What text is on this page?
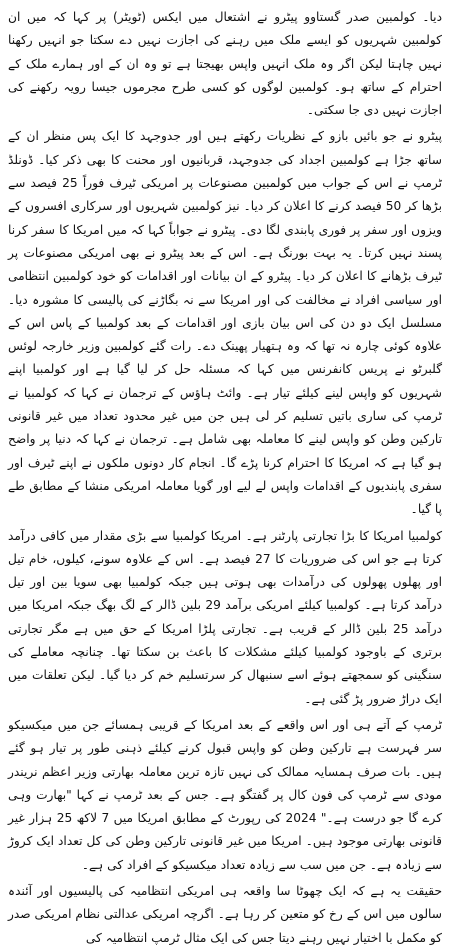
دیا۔ کولمبین صدر گستاوو پیٹرو نے اشتعال میں ایکس (ٹویٹر) پر کہا کہ میں ان کولمبین شہریوں کو ایسے ملک میں رہنے کی اجازت نہیں دے سکتا جو انہیں رکھنا نہیں چاہتا لیکن اگر وہ ملک انہیں واپس بھیجتا ہے تو وہ ان کے اور ہمارے ملک کے احترام کے ساتھ ہو۔ کولمبین لوگوں کو کسی طرح مجرموں جیسا رویہ رکھنے کی اجازت نہیں دی جا سکتی۔

پیٹرو نے جو بائیں بازو کے نظریات رکھتے ہیں اور جدوجہد کا ایک پس منظر ان کے ساتھ جڑا ہے کولمبین اجداد کی جدوجہد، قربانیوں اور محنت کا بھی ذکر کیا۔ ڈونلڈ ٹرمپ نے اس کے جواب میں کولمبین مصنوعات پر امریکی ٹیرف فوراً 25 فیصد سے بڑھا کر 50 فیصد کرنے کا اعلان کر دیا۔ نیز کولمبین شہریوں اور سرکاری افسروں کے ویزوں اور سفر پر فوری پابندی لگا دی۔ پیٹرو نے جواباً کہا کہ میں امریکا کا سفر کرنا پسند نہیں کرتا۔ یہ بہت بورنگ ہے۔ اس کے بعد پیٹرو نے بھی امریکی مصنوعات پر ٹیرف بڑھانے کا اعلان کر دیا۔ پیٹرو کے ان بیانات اور اقدامات کو خود کولمبین انتظامی اور سیاسی افراد نے مخالفت کی اور امریکا سے نہ بگاڑنے کی پالیسی کا مشورہ دیا۔ مسلسل ایک دو دن کی اس بیان بازی اور اقدامات کے بعد کولمبیا کے پاس اس کے علاوہ کوئی چارہ نہ تھا کہ وہ ہتھیار پھینک دے۔ رات گئے کولمبین وزیر خارجہ لوئس گلبرٹو نے پریس کانفرنس میں کہا کہ مسئلہ حل کر لیا گیا ہے اور کولمبیا اپنے شہریوں کو واپس لینے کیلئے تیار ہے۔ وائٹ ہاؤس کے ترجمان نے کہا کہ کولمبیا نے ٹرمپ کی ساری باتیں تسلیم کر لی ہیں جن میں غیر محدود تعداد میں غیر قانونی تارکین وطن کو واپس لینے کا معاملہ بھی شامل ہے۔ ترجمان نے کہا کہ دنیا پر واضح ہو گیا ہے کہ امریکا کا احترام کرنا پڑے گا۔ انجام کار دونوں ملکوں نے اپنے ٹیرف اور سفری پابندیوں کے اقدامات واپس لے لیے اور گویا معاملہ امریکی منشا کے مطابق طے پا گیا۔

کولمبیا امریکا کا بڑا تجارتی پارٹنر ہے۔ امریکا کولمبیا سے بڑی مقدار میں کافی درآمد کرتا ہے جو اس کی ضروریات کا 27 فیصد ہے۔ اس کے علاوہ سونے، کیلوں، خام تیل اور پھلوں پھولوں کی درآمدات بھی ہوتی ہیں جبکہ کولمبیا بھی سویا بین اور تیل درآمد کرتا ہے۔ کولمبیا کیلئے امریکی برآمد 29 بلین ڈالر کے لگ بھگ جبکہ امریکا میں درآمد 25 بلین ڈالر کے قریب ہے۔ تجارتی پلڑا امریکا کے حق میں ہے مگر تجارتی برتری کے باوجود کولمبیا کیلئے مشکلات کا باعث بن سکتا تھا۔ چنانچہ معاملے کی سنگینی کو سمجھتے ہوئے اسے سنبھال کر سرتسلیم خم کر دیا گیا۔ لیکن تعلقات میں ایک دراڑ ضرور پڑ گئی ہے۔

ٹرمپ کے آتے ہی اور اس واقعے کے بعد امریکا کے قریبی ہمسائے جن میں میکسیکو سر فہرست ہے تارکین وطن کو واپس قبول کرنے کیلئے ذہنی طور پر تیار ہو گئے ہیں۔ بات صرف ہمسایہ ممالک کی نہیں تازہ ترین معاملہ بھارتی وزیر اعظم نریندر مودی سے ٹرمپ کی فون کال پر گفتگو ہے۔ جس کے بعد ٹرمپ نے کہا "بھارت وہی کرے گا جو درست ہے۔" 2024 کی رپورٹ کے مطابق امریکا میں 7 لاکھ 25 ہزار غیر قانونی بھارتی موجود ہیں۔ امریکا میں غیر قانونی تارکین وطن کی کل تعداد ایک کروڑ سے زیادہ ہے۔ جن میں سب سے زیادہ تعداد میکسیکو کے افراد کی ہے۔

حقیقت یہ ہے کہ ایک چھوٹا سا واقعہ ہی امریکی انتظامیہ کی پالیسیوں اور آئندہ سالوں میں اس کے رخ کو متعین کر رہا ہے۔ اگرچہ امریکی عدالتی نظام امریکی صدر کو مکمل با اختیار نہیں رہنے دیتا جس کی ایک مثال ٹرمپ انتظامیہ کی
